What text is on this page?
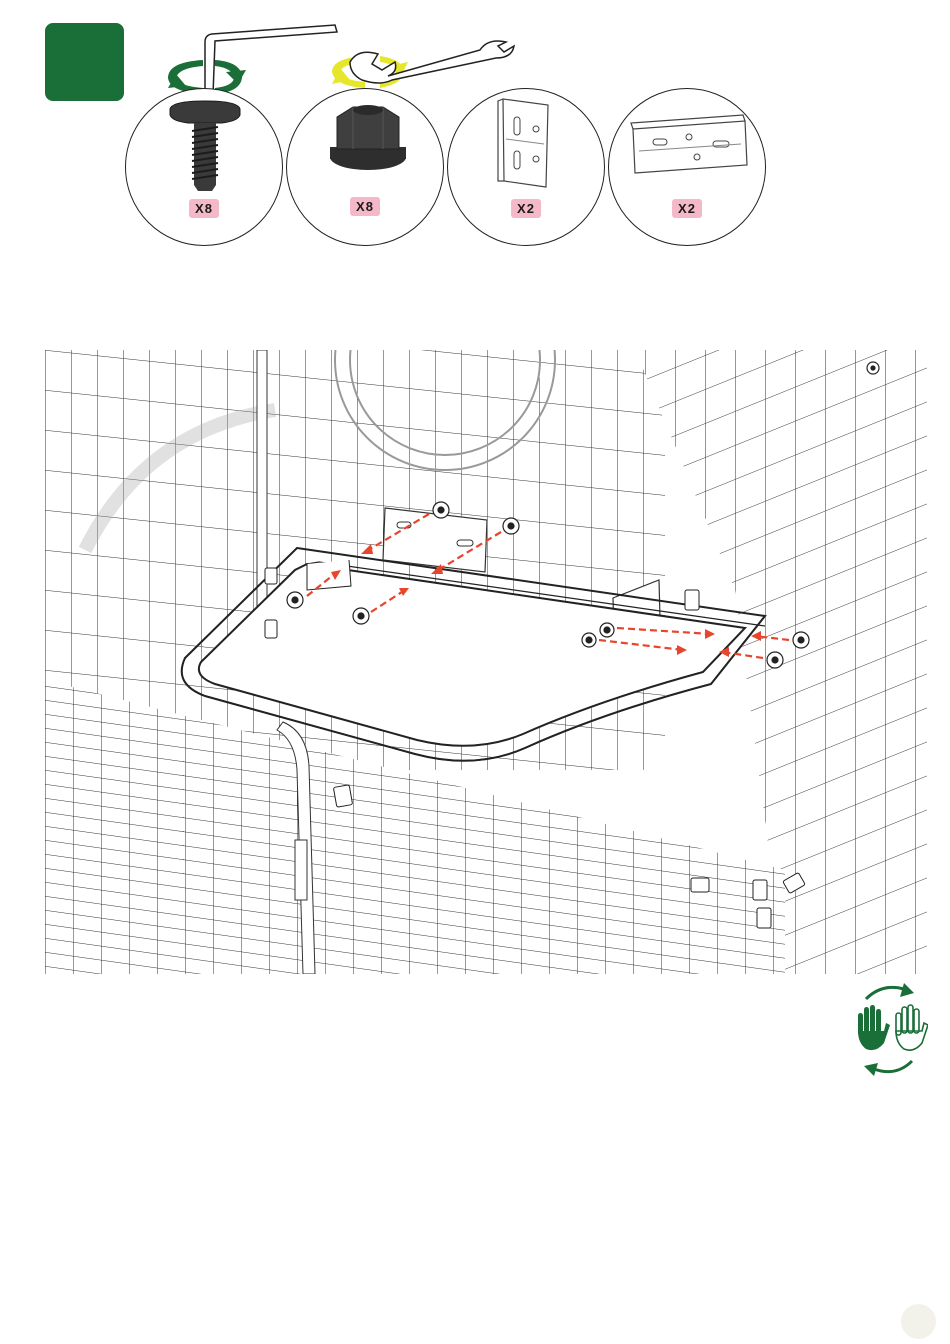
X8	X8	X2	X2
